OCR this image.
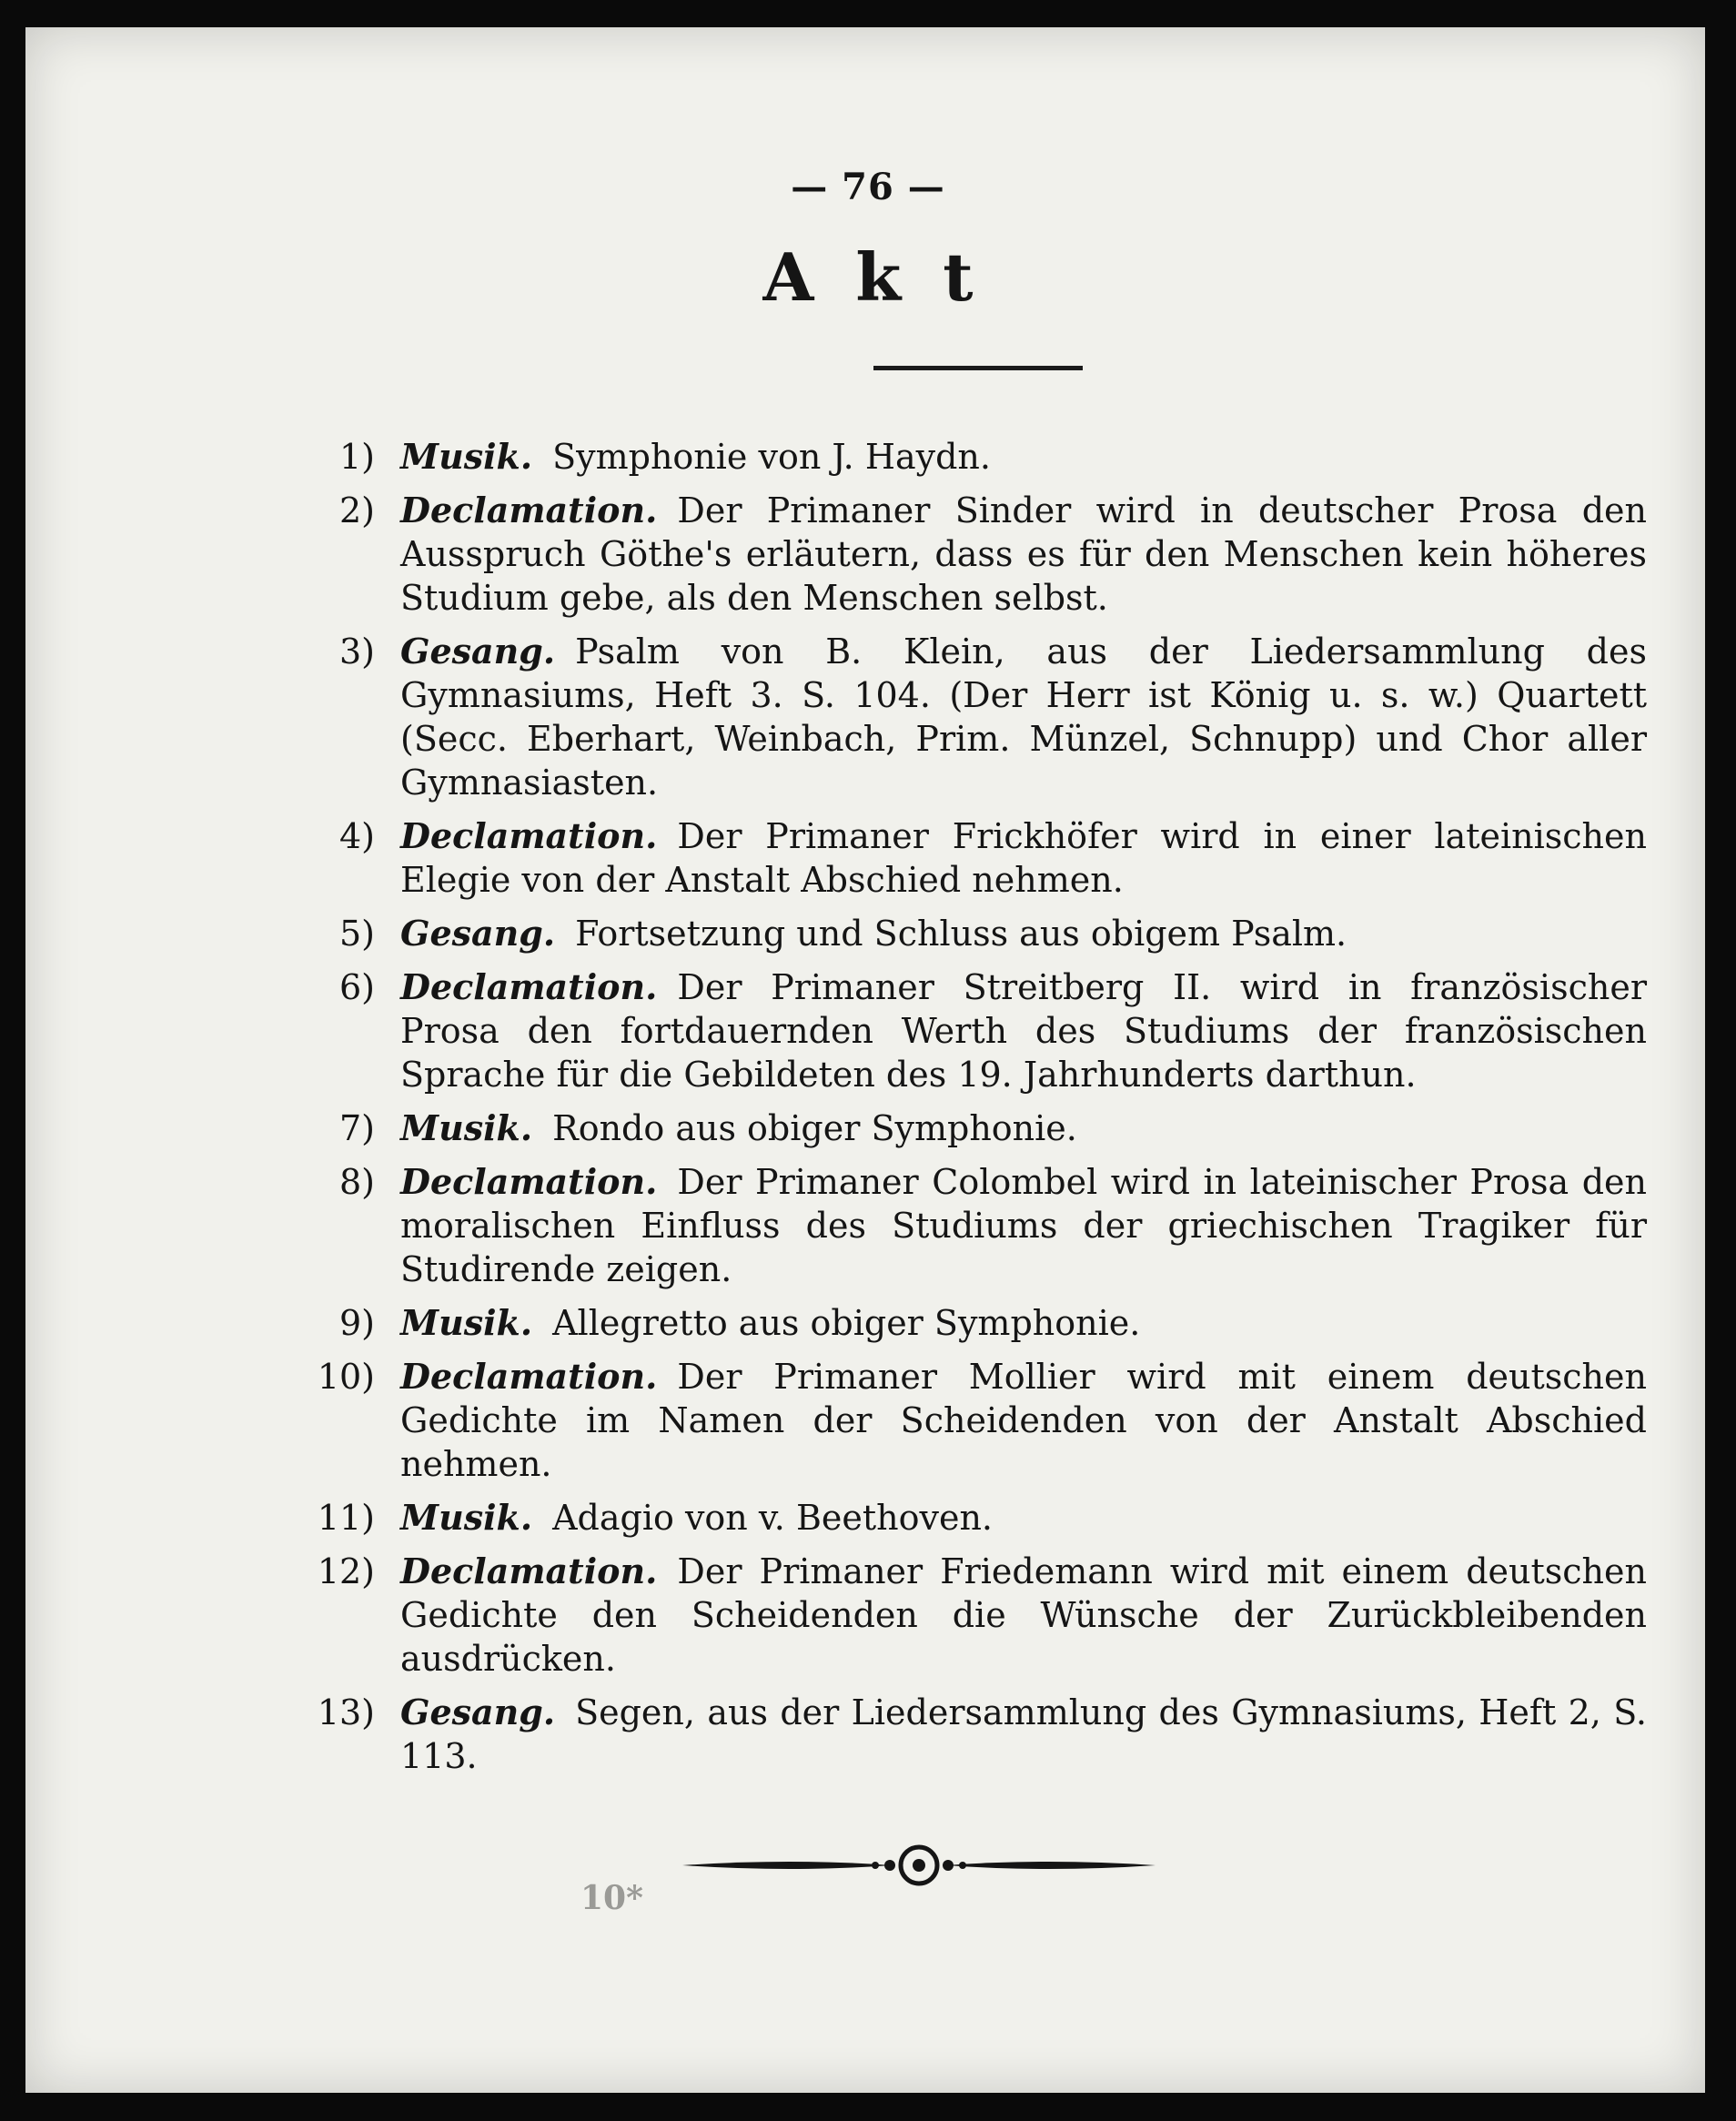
— 76 —
Akt
1) Musik. Symphonie von J. Haydn.
2) Declamation. Der Primaner Sinder wird in deutscher Prosa den Ausspruch Göthe's erläutern, dass es für den Menschen kein höheres Studium gebe, als den Menschen selbst.
3) Gesang. Psalm von B. Klein, aus der Liedersammlung des Gymnasiums, Heft 3. S. 104. (Der Herr ist König u. s. w.) Quartett (Secc. Eberhart, Weinbach, Prim. Münzel, Schnupp) und Chor aller Gymnasiasten.
4) Declamation. Der Primaner Frickhöfer wird in einer lateinischen Elegie von der Anstalt Abschied nehmen.
5) Gesang. Fortsetzung und Schluss aus obigem Psalm.
6) Declamation. Der Primaner Streitberg II. wird in französischer Prosa den fortdauernden Werth des Studiums der französischen Sprache für die Gebildeten des 19. Jahrhunderts darthun.
7) Musik. Rondo aus obiger Symphonie.
8) Declamation. Der Primaner Colombel wird in lateinischer Prosa den moralischen Einfluss des Studiums der griechischen Tragiker für Studirende zeigen.
9) Musik. Allegretto aus obiger Symphonie.
10) Declamation. Der Primaner Mollier wird mit einem deutschen Gedichte im Namen der Scheidenden von der Anstalt Abschied nehmen.
11) Musik. Adagio von v. Beethoven.
12) Declamation. Der Primaner Friedemann wird mit einem deutschen Gedichte den Scheidenden die Wünsche der Zurückbleibenden ausdrücken.
13) Gesang. Segen, aus der Liedersammlung des Gymnasiums, Heft 2, S. 113.
10*
